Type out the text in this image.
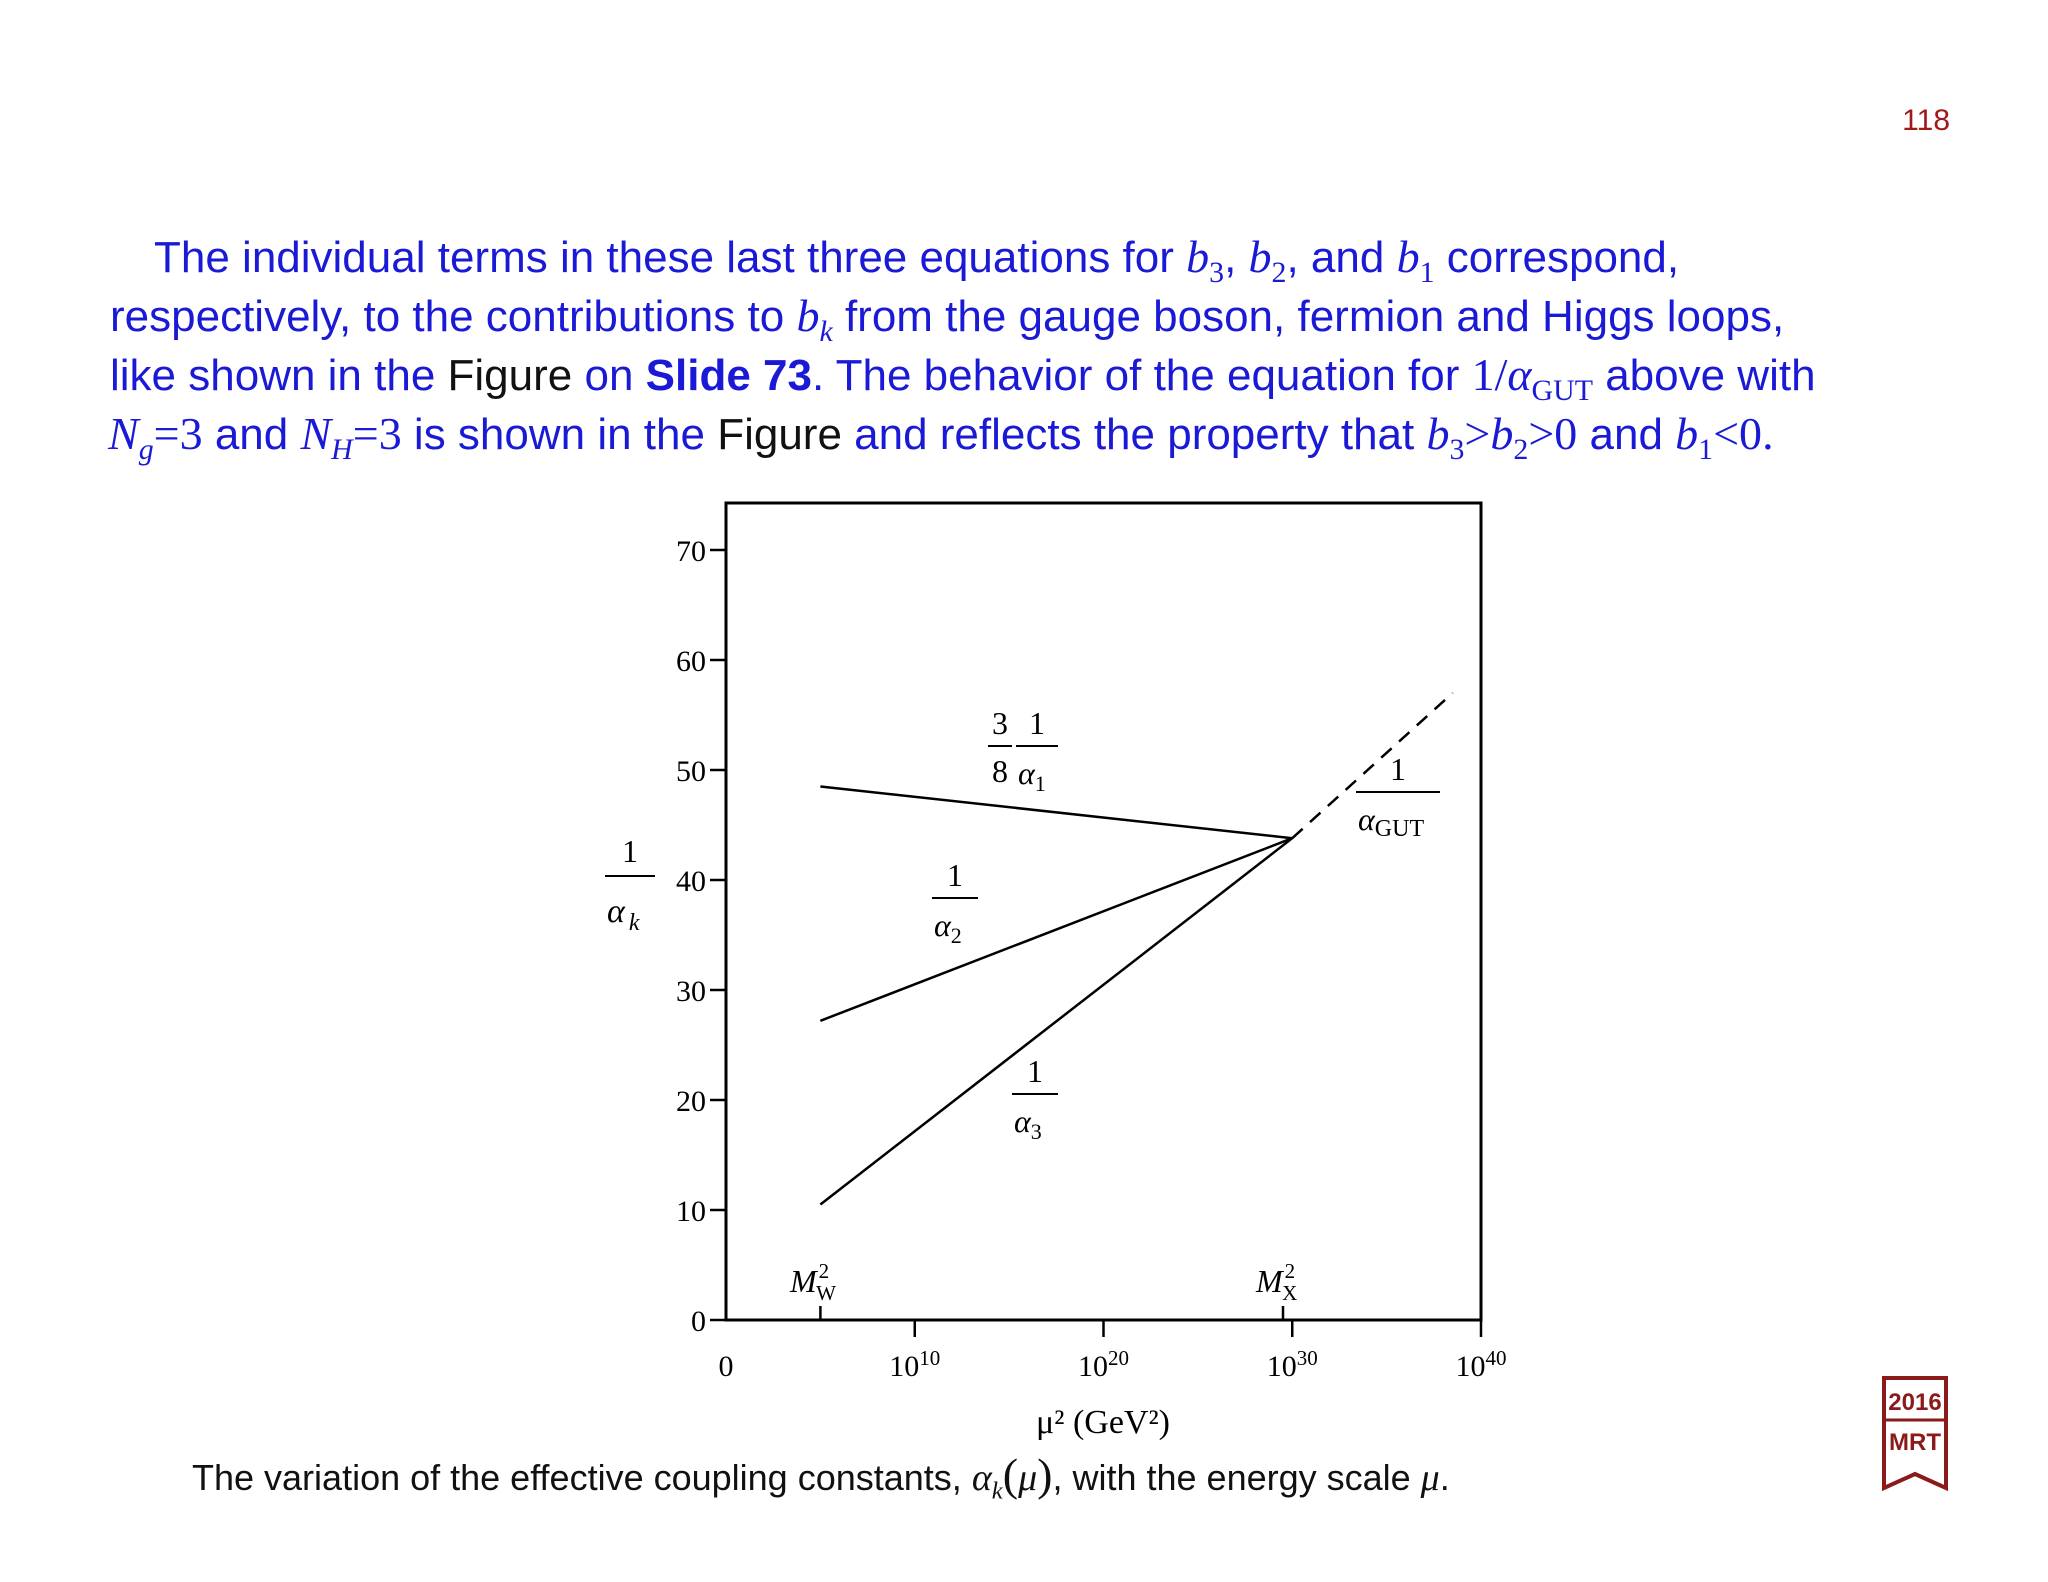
118
The individual terms in these last three equations for $b_3$, $b_2$, and $b_1$ correspond,
respectively, to the contributions to $b_k$ from the gauge boson, fermion and Higgs loops,
like shown in the Figure on Slide 73. The behavior of the equation for $1/\alpha_{GUT}$ above with
$N_g=3$ and $N_H=3$ is shown in the Figure and reflects the property that $b_3>b_2>0$ and $b_1<0$.
0
10
20
30
40
50
60
70
0	$10^{10}$	$10^{20}$	$10^{30}$	$10^{40}$
μ² (GeV²)
$M^2$ W	$M^2$ X
1
α $_k$
3
8
1
$\alpha_1$
1
$\alpha_2$
1
$\alpha_3$
1
αGUT
The variation of the effective coupling constants, $\alpha_k(\mu)$, with the energy scale μ.
2016
MRT
